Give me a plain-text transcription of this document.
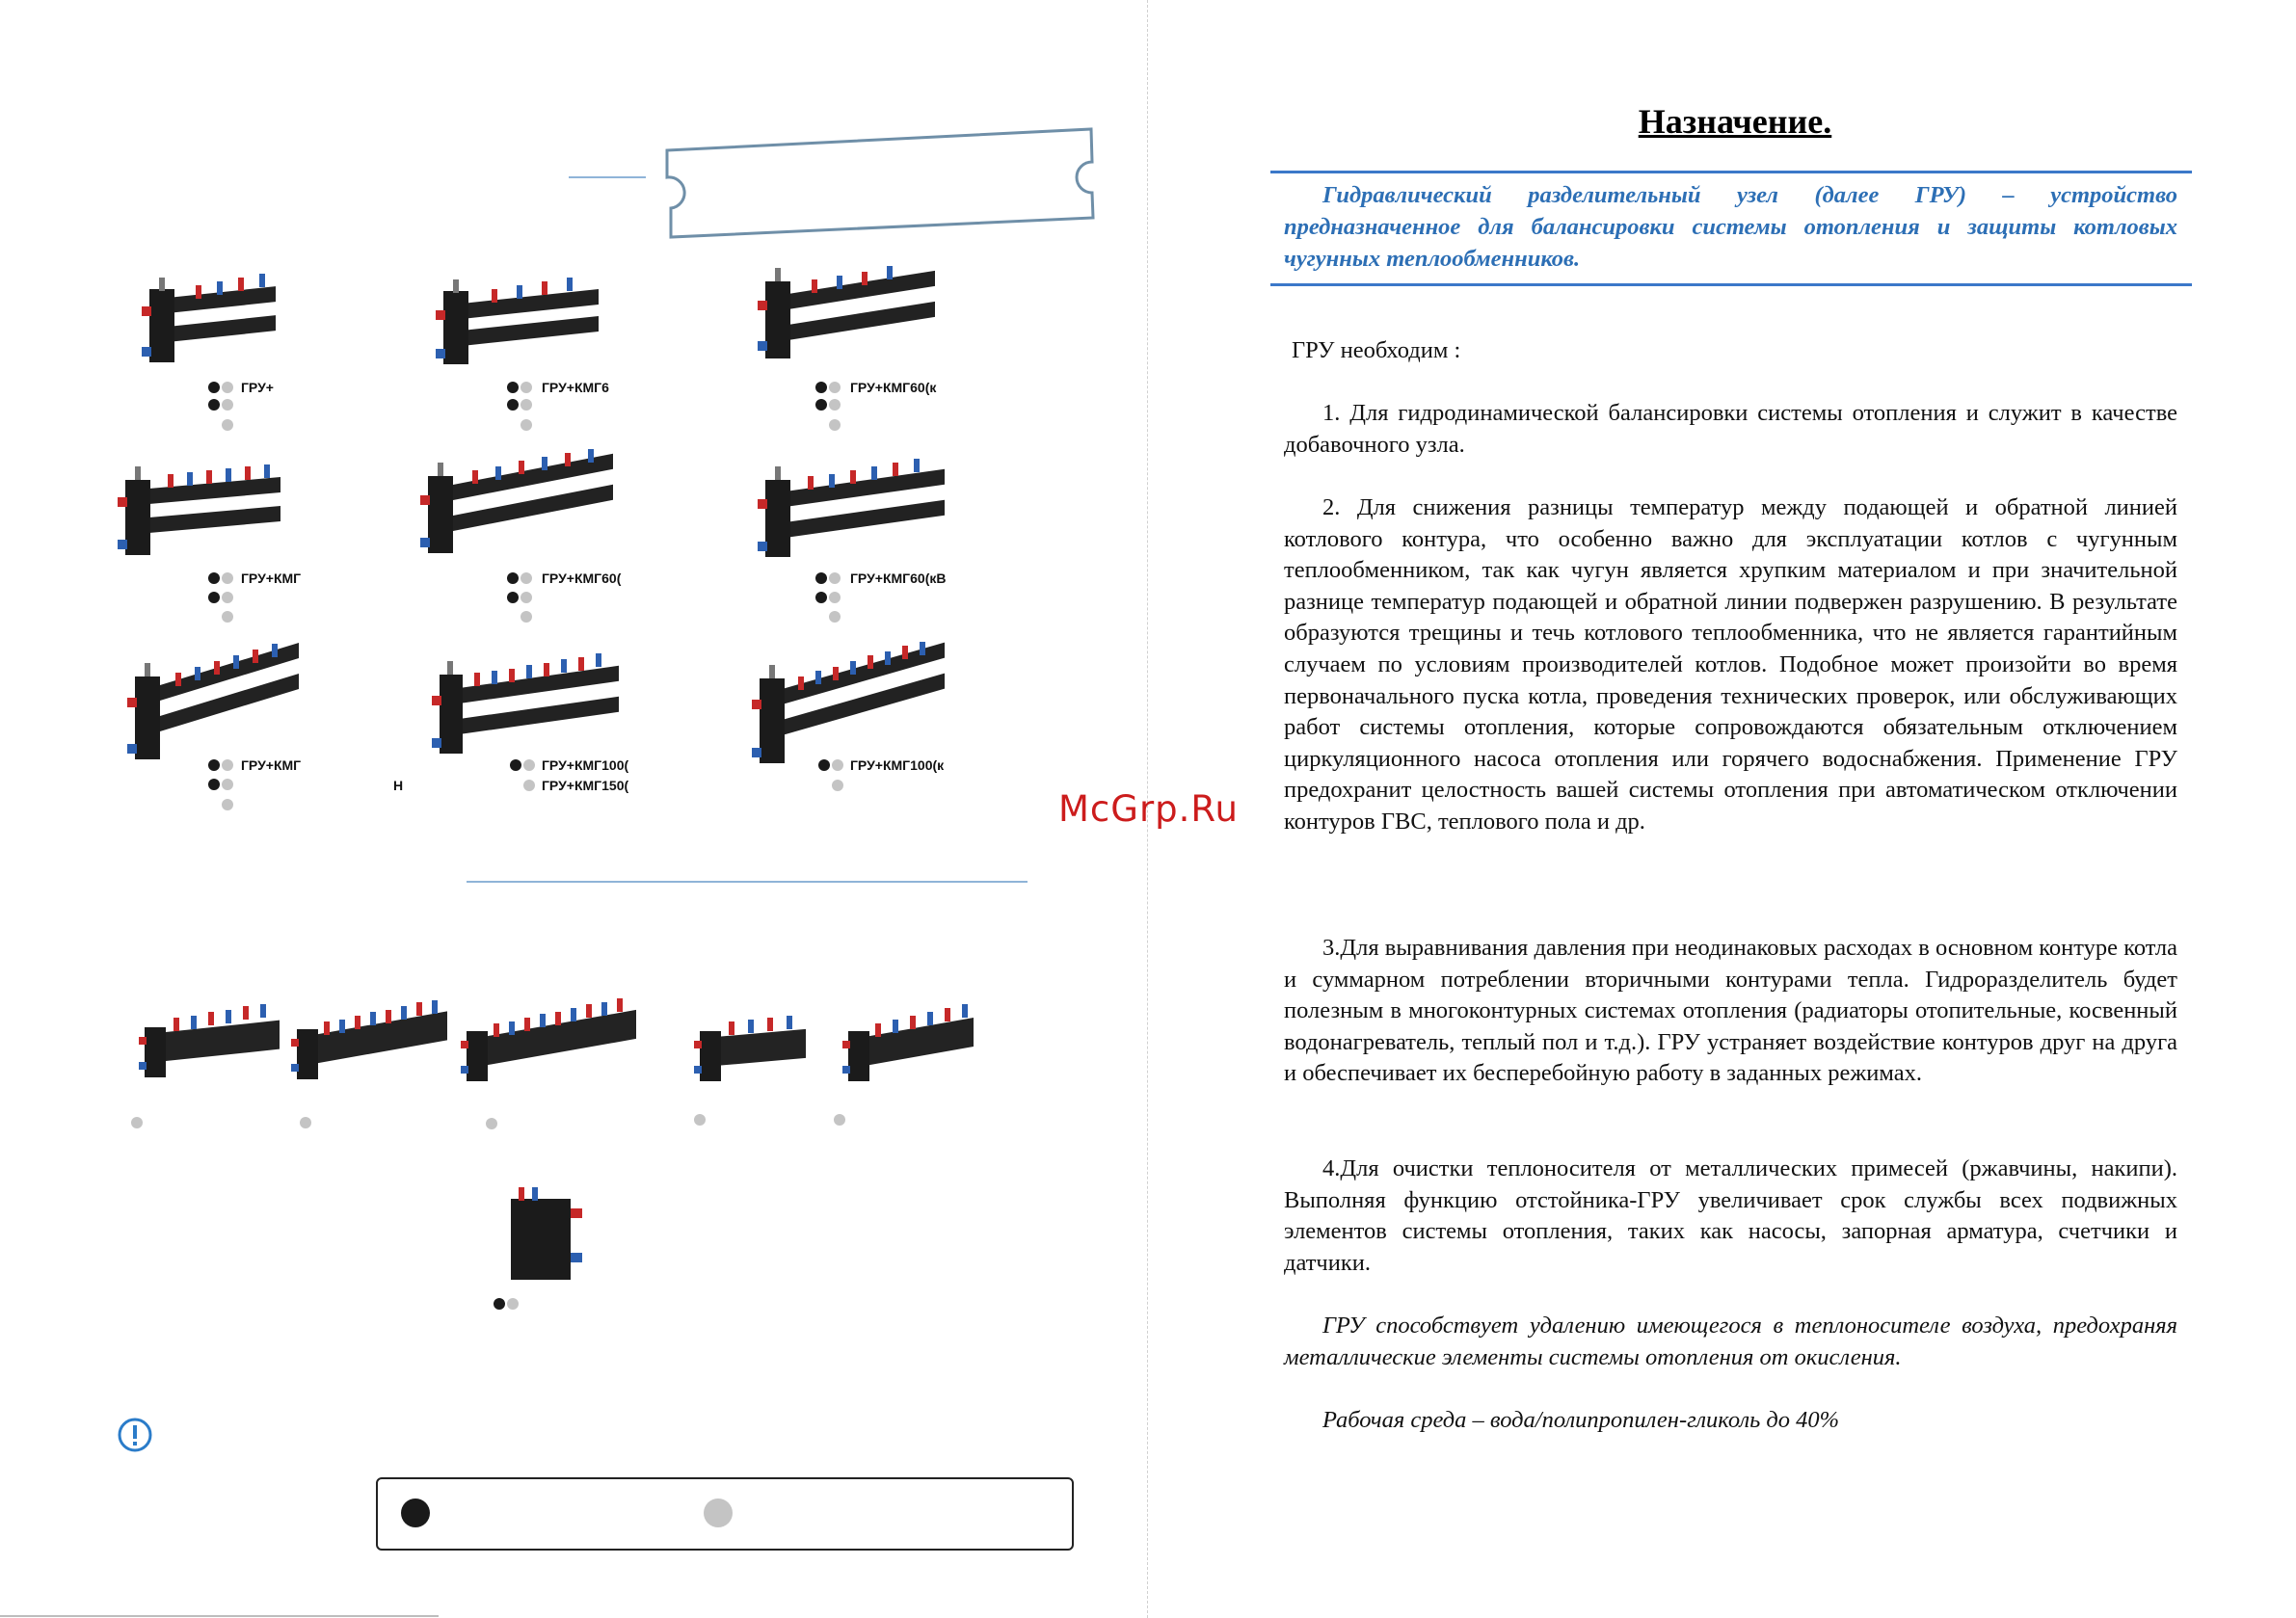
ГРУ+	ГРУ+КМГ6	ГРУ+КМГ60(к
ГРУ+КМГ	ГРУ+КМГ60(	ГРУ+КМГ60(кВ
ГРУ+КМГ	ГРУ+КМГ100(
ГРУ+КМГ150(
Н
ГРУ+КМГ100(к
McGrp.Ru
Назначение.
Гидравлический разделительный узел (далее ГРУ) – устройство предназначенное для балансировки системы отопления и защиты котловых чугунных теплообменников.
ГРУ необходим :
1. Для гидродинамической балансировки системы отопления и служит в качестве добавочного узла.
2. Для снижения разницы температур между подающей и обратной линией котлового контура, что особенно важно для эксплуатации котлов с чугунным теплообменником, так как чугун является хрупким материалом и при значительной разнице температур подающей и обратной линии подвержен разрушению. В результате образуются трещины и течь котлового теплообменника, что не является гарантийным случаем по условиям производителей котлов. Подобное может произойти во время первоначального пуска котла, проведения технических проверок, или обслуживающих работ системы отопления, которые сопровождаются обязательным отключением циркуляционного насоса отопления или горячего водоснабжения. Применение ГРУ предохранит целостность вашей системы отопления при автоматическом отключении контуров ГВС, теплового пола и др.
3.Для выравнивания давления при неодинаковых расходах в основном контуре котла и суммарном потреблении вторичными контурами тепла. Гидроразделитель будет полезным в многоконтурных системах отопления (радиаторы отопительные, косвенный водонагреватель, теплый пол и т.д.). ГРУ устраняет воздействие контуров друг на друга и обеспечивает их бесперебойную работу в заданных режимах.
4.Для очистки теплоносителя от металлических примесей (ржавчины, накипи). Выполняя функцию отстойника-ГРУ увеличивает срок службы всех подвижных элементов системы отопления, таких как насосы, запорная арматура, счетчики и датчики.
ГРУ способствует удалению имеющегося в теплоносителе воздуха, предохраняя металлические элементы системы отопления от окисления.
Рабочая среда – вода/полипропилен-гликоль до 40%
